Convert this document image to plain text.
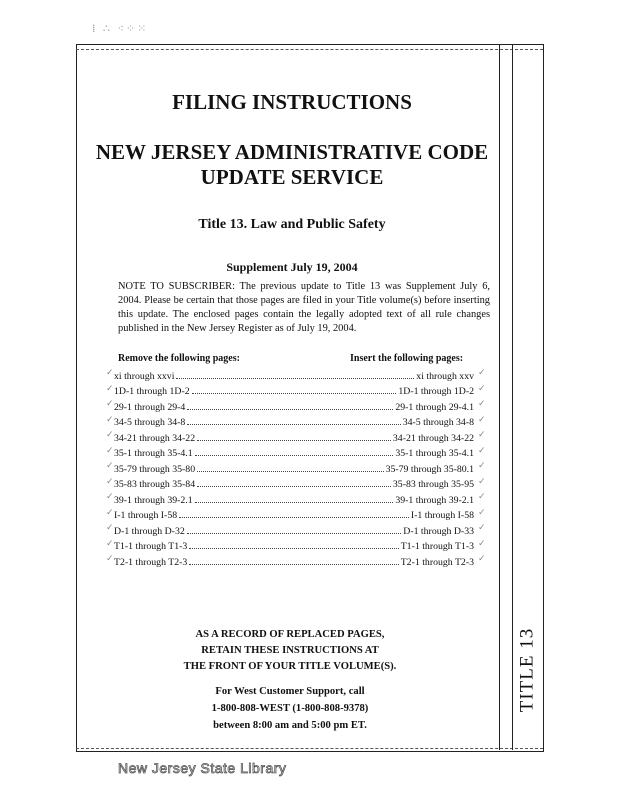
⁞ ∴ ⁖⁘⁙
FILING INSTRUCTIONS
NEW JERSEY ADMINISTRATIVE CODE
UPDATE SERVICE
Title 13. Law and Public Safety
Supplement July 19, 2004
NOTE TO SUBSCRIBER: The previous update to Title 13 was Supplement July 6, 2004. Please be certain that those pages are filed in your Title volume(s) before inserting this update. The enclosed pages contain the legally adopted text of all rule changes published in the New Jersey Register as of July 19, 2004.
Remove the following pages:	Insert the following pages:
xi through xxvi	xi through xxv
1D-1 through 1D-2	1D-1 through 1D-2
29-1 through 29-4	29-1 through 29-4.1
34-5 through 34-8	34-5 through 34-8
34-21 through 34-22	34-21 through 34-22
35-1 through 35-4.1	35-1 through 35-4.1
35-79 through 35-80	35-79 through 35-80.1
35-83 through 35-84	35-83 through 35-95
39-1 through 39-2.1	39-1 through 39-2.1
I-1 through I-58	I-1 through I-58
D-1 through D-32	D-1 through D-33
T1-1 through T1-3	T1-1 through T1-3
T2-1 through T2-3	T2-1 through T2-3
AS A RECORD OF REPLACED PAGES,
RETAIN THESE INSTRUCTIONS AT
THE FRONT OF YOUR TITLE VOLUME(S).
For West Customer Support, call
1-800-808-WEST (1-800-808-9378)
between 8:00 am and 5:00 pm ET.
TITLE 13
New Jersey State Library
✓	✓
✓	✓
✓	✓
✓	✓
✓	✓
✓	✓
✓	✓
✓	✓
✓	✓
✓	✓
✓	✓
✓	✓
✓	✓
